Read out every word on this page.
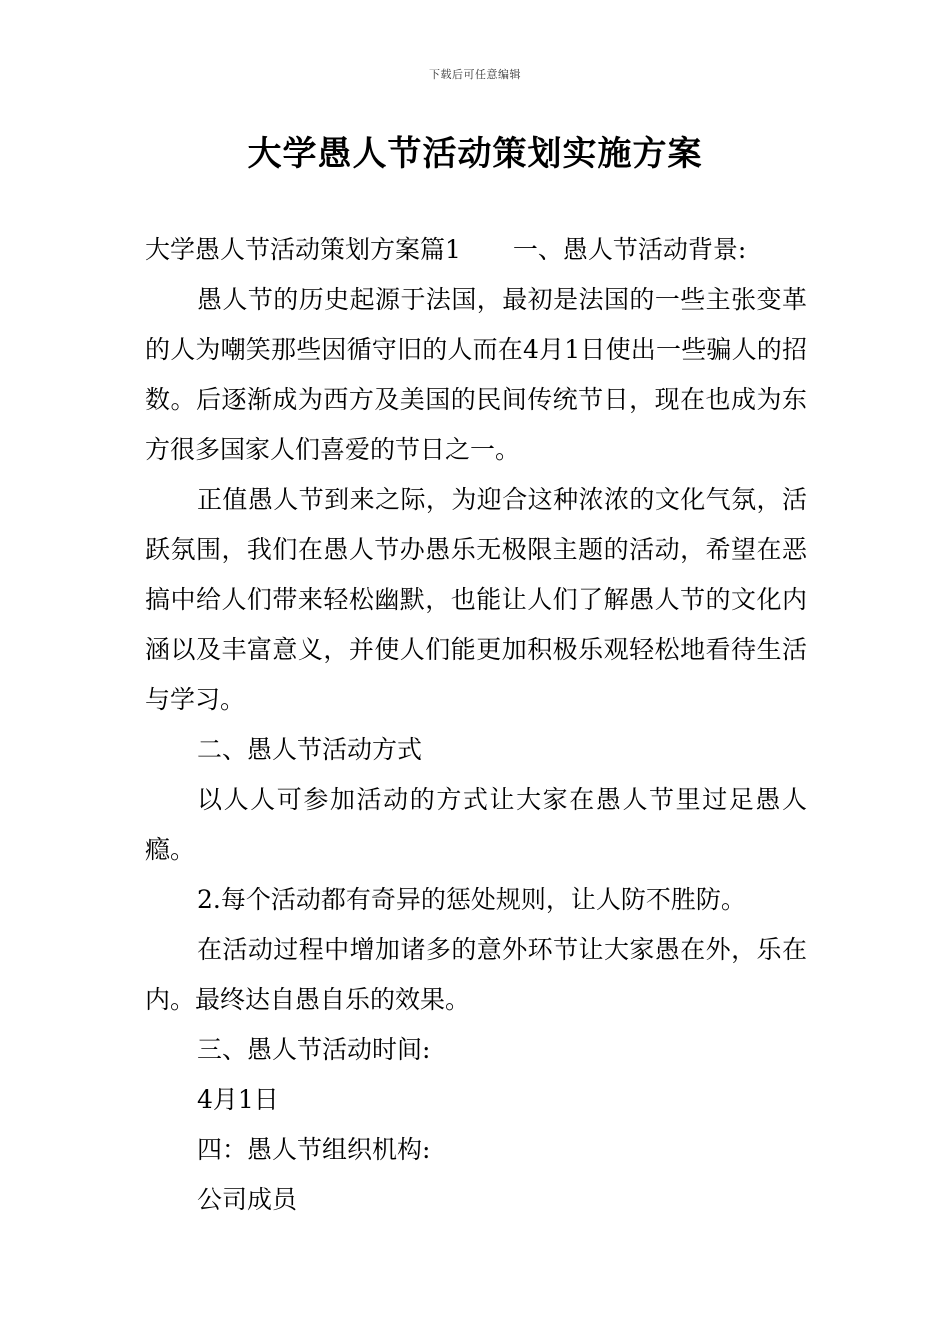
下载后可任意编辑
大学愚人节活动策划实施方案

大学愚人节活动策划方案篇1 一、愚人节活动背景:

愚人节的历史起源于法国，最初是法国的一些主张变革的人为嘲笑那些因循守旧的人而在4月1日使出一些骗人的招数。后逐渐成为西方及美国的民间传统节日，现在也成为东方很多国家人们喜爱的节日之一。

正值愚人节到来之际，为迎合这种浓浓的文化气氛，活跃氛围，我们在愚人节办愚乐无极限主题的活动，希望在恶搞中给人们带来轻松幽默，也能让人们了解愚人节的文化内涵以及丰富意义，并使人们能更加积极乐观轻松地看待生活与学习。

二、愚人节活动方式

以人人可参加活动的方式让大家在愚人节里过足愚人瘾。

2.每个活动都有奇异的惩处规则，让人防不胜防。

在活动过程中增加诸多的意外环节让大家愚在外，乐在内。最终达自愚自乐的效果。

三、愚人节活动时间:

4月1日

四：愚人节组织机构:

公司成员
